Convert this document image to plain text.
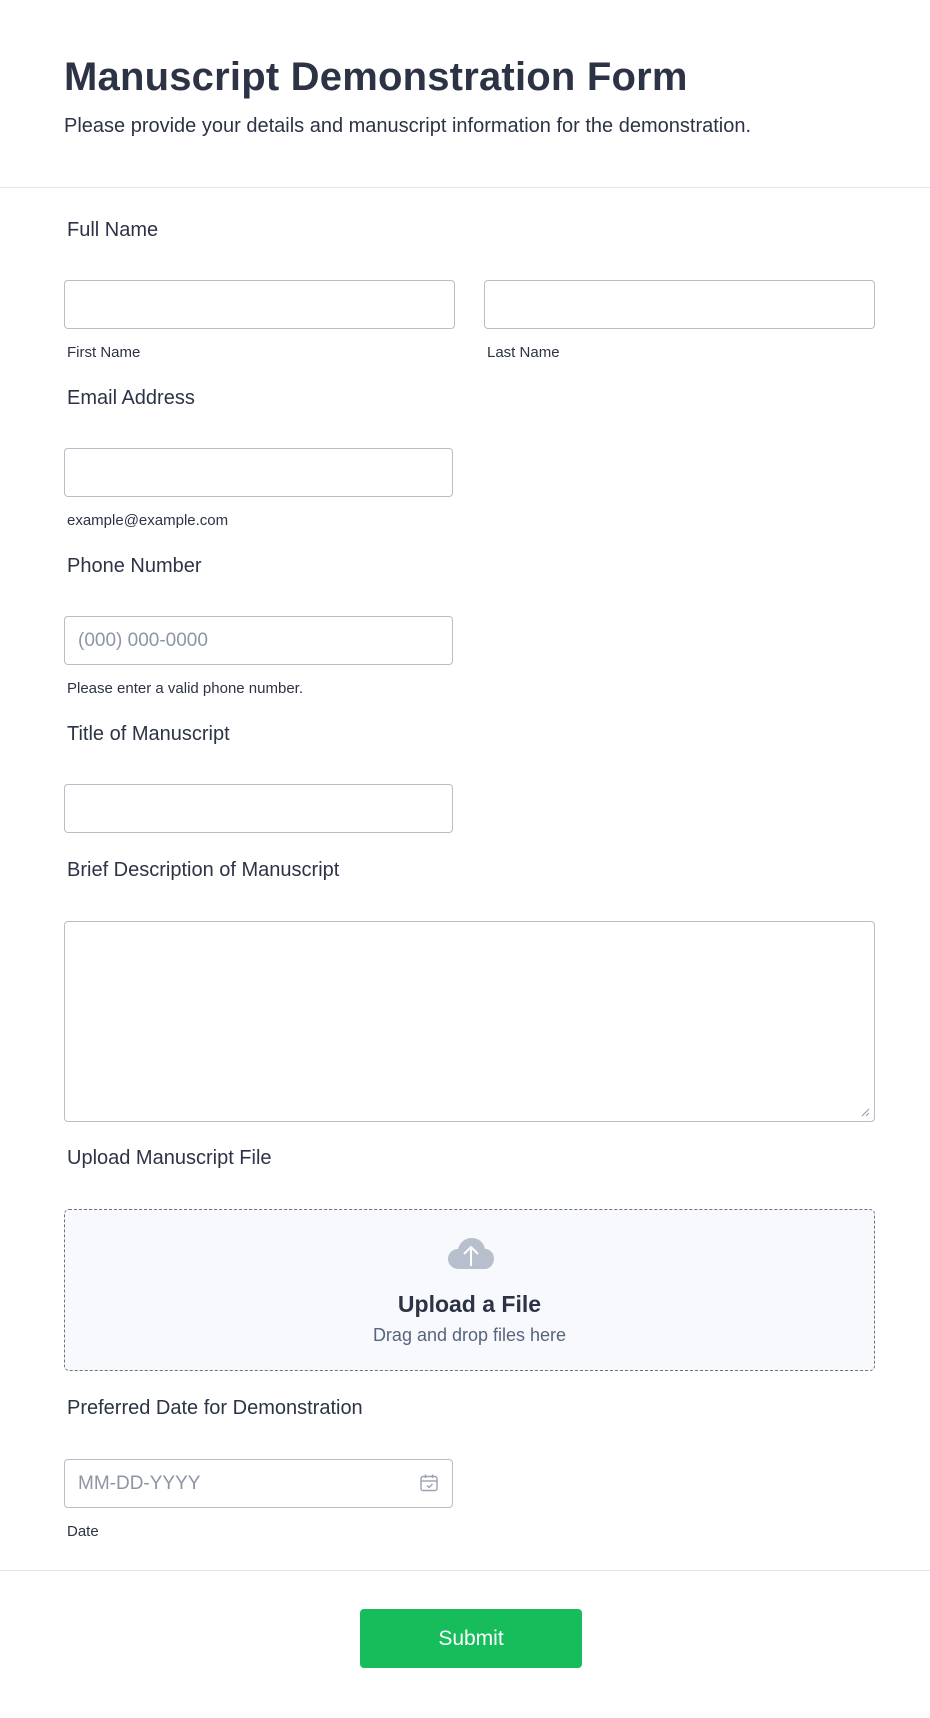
Manuscript Demonstration Form
Please provide your details and manuscript information for the demonstration.
Full Name
First Name	Last Name
Email Address
example@example.com
Phone Number
(000) 000-0000
Please enter a valid phone number.
Title of Manuscript
Brief Description of Manuscript
Upload Manuscript File
Upload a File
Drag and drop files here
Preferred Date for Demonstration
MM-DD-YYYY
Date
Submit
